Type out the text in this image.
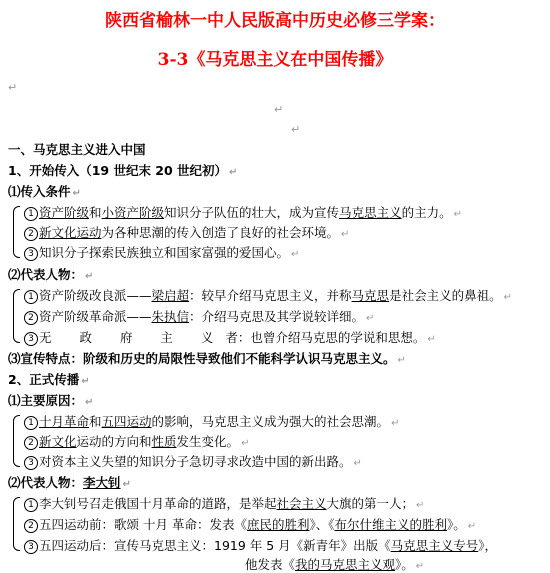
陕西省榆林一中人民版高中历史必修三学案：
3-3《马克思主义在中国传播》
↵
↵
↵
一、马克思主义进入中国
1、开始传入（19 世纪末 20 世纪初） ↵
⑴传入条件 ↵
1 资产阶级和小资产阶级知识分子队伍的壮大，成为宣传马克思主义的主力。 ↵
2 新文化运动为各种思潮的传入创造了良好的社会环境。 ↵
3 知识分子探索民族独立和国家富强的爱国心。 ↵
⑵代表人物： ↵
1 资产阶级改良派——梁启超：较早介绍马克思主义，并称马克思是社会主义的鼻祖。 ↵
2 资产阶级革命派——朱执信：介绍马克思及其学说较详细。 ↵
3 无 政 府 主 义者：也曾介绍马克思的学说和思想。 ↵
⑶宣传特点：阶级和历史的局限性导致他们不能科学认识马克思主义。 ↵
2、正式传播 ↵
⑴主要原因： ↵
1 十月革命和五四运动的影响，马克思主义成为强大的社会思潮。 ↵
2 新文化运动的方向和性质发生变化。 ↵
3 对资本主义失望的知识分子急切寻求改造中国的新出路。 ↵
⑵代表人物：李大钊 ↵
1 李大钊号召走俄国十月革命的道路，是举起社会主义大旗的第一人； ↵
2 五四运动前：歌颂 十月 革命：发表《庶民的胜利》、《布尔什维主义的胜利》。 ↵
3 五四运动后：宣传马克思主义：1919 年 5 月《新青年》出版《马克思主义专号》，
他发表《我的马克思主义观》。 ↵
